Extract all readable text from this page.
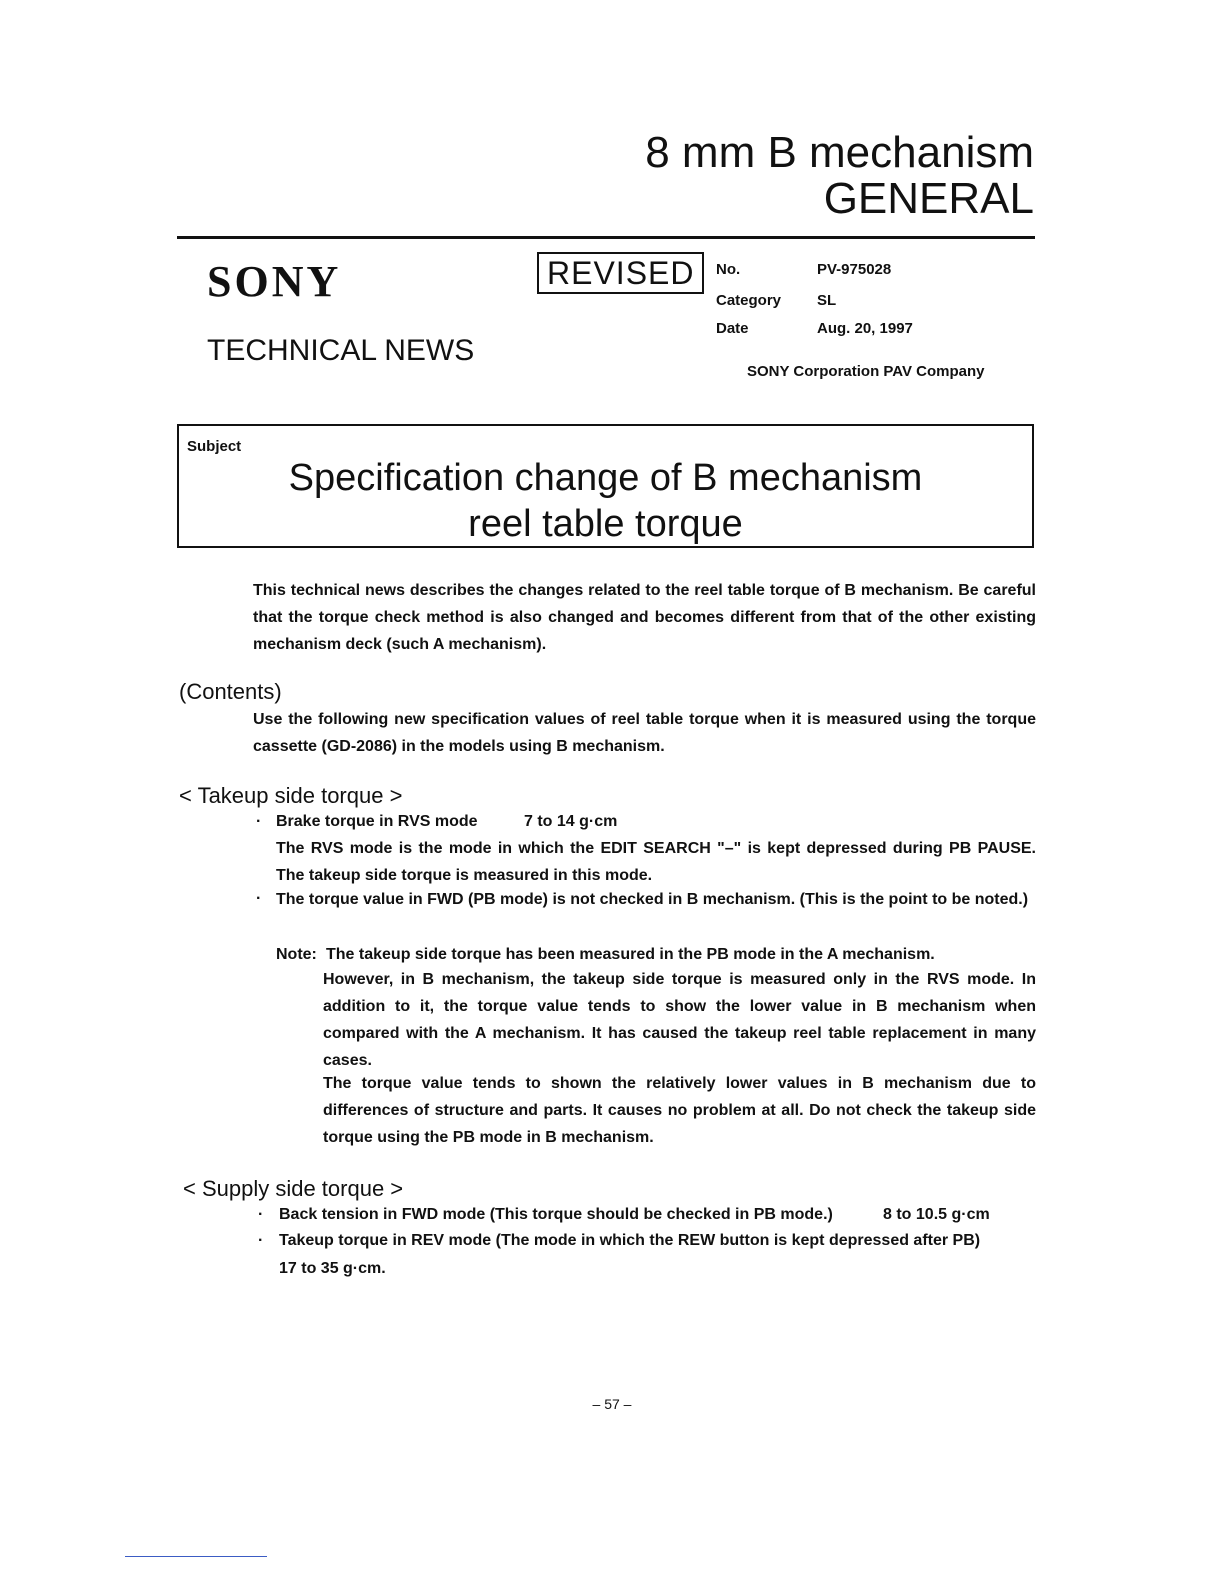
8 mm B mechanism
GENERAL
SONY
TECHNICAL NEWS
REVISED	No.	PV-975028
Category SL
Date	Aug. 20, 1997
SONY Corporation PAV Company
Subject
Specification change of B mechanism
reel table torque
This technical news describes the changes related to the reel table torque of B mechanism. Be careful that the torque check method is also changed and becomes different from that of the other existing mechanism deck (such A mechanism).
(Contents)
Use the following new specification values of reel table torque when it is measured using the torque cassette (GD-2086) in the models using B mechanism.
< Takeup side torque >
· Brake torque in RVS mode	7 to 14 g·cm
The RVS mode is the mode in which the EDIT SEARCH "–" is kept depressed during PB PAUSE. The takeup side torque is measured in this mode.
· The torque value in FWD (PB mode) is not checked in B mechanism. (This is the point to be noted.)
Note: The takeup side torque has been measured in the PB mode in the A mechanism.
However, in B mechanism, the takeup side torque is measured only in the RVS mode. In addition to it, the torque value tends to show the lower value in B mechanism when compared with the A mechanism. It has caused the takeup reel table replacement in many cases.
The torque value tends to shown the relatively lower values in B mechanism due to differences of structure and parts. It causes no problem at all. Do not check the takeup side torque using the PB mode in B mechanism.
< Supply side torque >
· Back tension in FWD mode (This torque should be checked in PB mode.)	8 to 10.5 g·cm
· Takeup torque in REV mode (The mode in which the REW button is kept depressed after PB)
17 to 35 g·cm.
– 57 –
